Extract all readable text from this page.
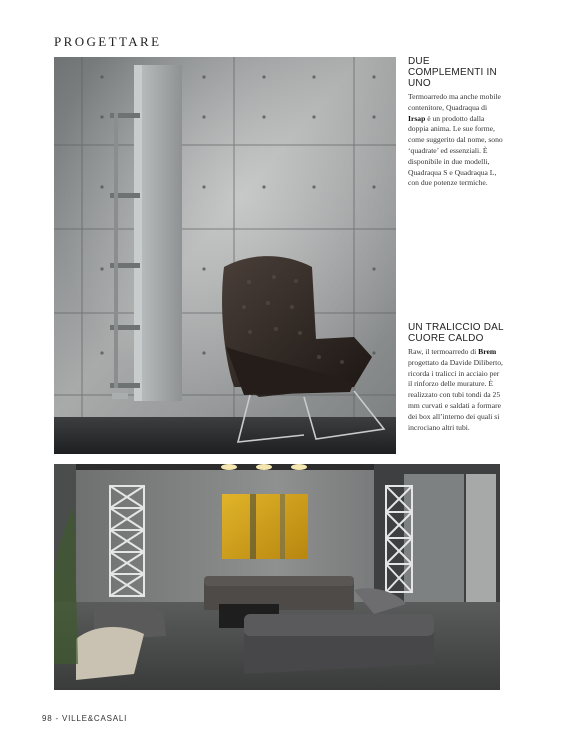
PROGETTARE
DUE COMPLEMENTI IN UNO
Termoarredo ma anche mobile contenitore, Quadraqua di Irsap è un prodotto dalla doppia anima. Le sue forme, come suggerito dal nome, sono ‘quadrate’ ed essenziali. È disponibile in due modelli, Quadraqua S e Quadraqua L, con due potenze termiche.
UN TRALICCIO DAL CUORE CALDO
Raw, il termoarredo di Brem progettato da Davide Diliberto, ricorda i tralicci in acciaio per il rinforzo delle murature. È realizzato con tubi tondi da 25 mm curvati e saldati a formare dei box all’interno dei quali si incrociano altri tubi.
98 - VILLE&CASALI
